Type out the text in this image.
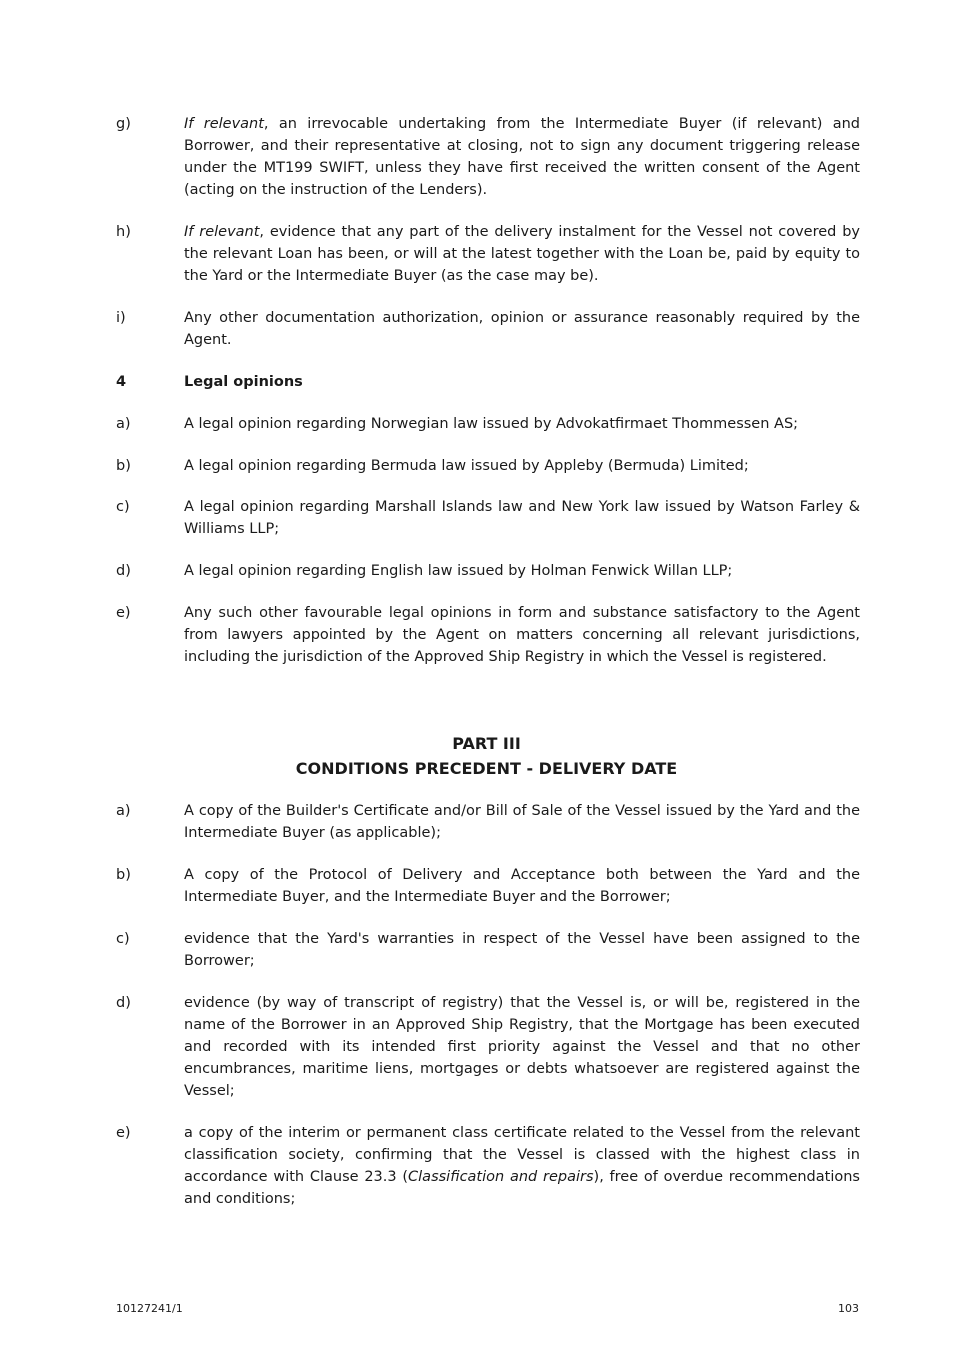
g)	If relevant, an irrevocable undertaking from the Intermediate Buyer (if relevant) and Borrower, and their representative at closing, not to sign any document triggering release under the MT199 SWIFT, unless they have first received the written consent of the Agent (acting on the instruction of the Lenders).
h)	If relevant, evidence that any part of the delivery instalment for the Vessel not covered by the relevant Loan has been, or will at the latest together with the Loan be, paid by equity to the Yard or the Intermediate Buyer (as the case may be).
i)	Any other documentation authorization, opinion or assurance reasonably required by the Agent.
4	Legal opinions
a)	A legal opinion regarding Norwegian law issued by Advokatfirmaet Thommessen AS;
b)	A legal opinion regarding Bermuda law issued by Appleby (Bermuda) Limited;
c)	A legal opinion regarding Marshall Islands law and New York law issued by Watson Farley & Williams LLP;
d)	A legal opinion regarding English law issued by Holman Fenwick Willan LLP;
e)	Any such other favourable legal opinions in form and substance satisfactory to the Agent from lawyers appointed by the Agent on matters concerning all relevant jurisdictions, including the jurisdiction of the Approved Ship Registry in which the Vessel is registered.
PART III
CONDITIONS PRECEDENT - DELIVERY DATE
a)	A copy of the Builder's Certificate and/or Bill of Sale of the Vessel issued by the Yard and the Intermediate Buyer (as applicable);
b)	A copy of the Protocol of Delivery and Acceptance both between the Yard and the Intermediate Buyer, and the Intermediate Buyer and the Borrower;
c)	evidence that the Yard's warranties in respect of the Vessel have been assigned to the Borrower;
d)	evidence (by way of transcript of registry) that the Vessel is, or will be, registered in the name of the Borrower in an Approved Ship Registry, that the Mortgage has been executed and recorded with its intended first priority against the Vessel and that no other encumbrances, maritime liens, mortgages or debts whatsoever are registered against the Vessel;
e)	a copy of the interim or permanent class certificate related to the Vessel from the relevant classification society, confirming that the Vessel is classed with the highest class in accordance with Clause 23.3 (Classification and repairs), free of overdue recommendations and conditions;
10127241/1	103
